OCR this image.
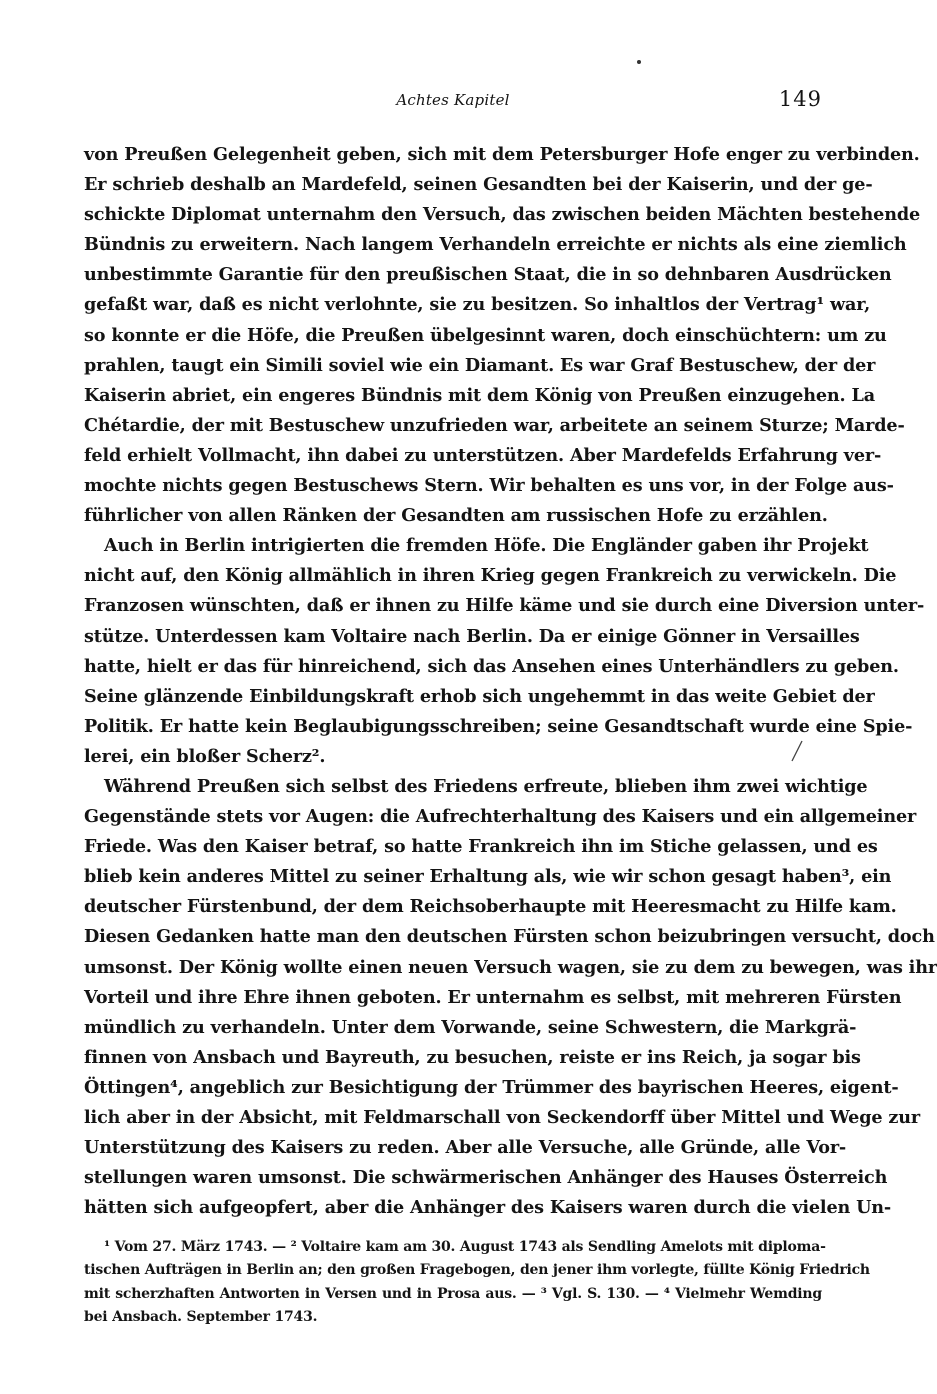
Achtes Kapitel	149
von Preußen Gelegenheit geben, sich mit dem Petersburger Hofe enger zu verbinden.
Er schrieb deshalb an Mardefeld, seinen Gesandten bei der Kaiserin, und der ge-
schickte Diplomat unternahm den Versuch, das zwischen beiden Mächten bestehende
Bündnis zu erweitern. Nach langem Verhandeln erreichte er nichts als eine ziemlich
unbestimmte Garantie für den preußischen Staat, die in so dehnbaren Ausdrücken
gefaßt war, daß es nicht verlohnte, sie zu besitzen. So inhaltlos der Vertrag¹ war,
so konnte er die Höfe, die Preußen übelgesinnt waren, doch einschüchtern: um zu
prahlen, taugt ein Simili soviel wie ein Diamant. Es war Graf Bestuschew, der der
Kaiserin abriet, ein engeres Bündnis mit dem König von Preußen einzugehen. La
Chétardie, der mit Bestuschew unzufrieden war, arbeitete an seinem Sturze; Marde-
feld erhielt Vollmacht, ihn dabei zu unterstützen. Aber Mardefelds Erfahrung ver-
mochte nichts gegen Bestuschews Stern. Wir behalten es uns vor, in der Folge aus-
führlicher von allen Ränken der Gesandten am russischen Hofe zu erzählen.
Auch in Berlin intrigierten die fremden Höfe. Die Engländer gaben ihr Projekt
nicht auf, den König allmählich in ihren Krieg gegen Frankreich zu verwickeln. Die
Franzosen wünschten, daß er ihnen zu Hilfe käme und sie durch eine Diversion unter-
stütze. Unterdessen kam Voltaire nach Berlin. Da er einige Gönner in Versailles
hatte, hielt er das für hinreichend, sich das Ansehen eines Unterhändlers zu geben.
Seine glänzende Einbildungskraft erhob sich ungehemmt in das weite Gebiet der
Politik. Er hatte kein Beglaubigungsschreiben; seine Gesandtschaft wurde eine Spie-
lerei, ein bloßer Scherz².
Während Preußen sich selbst des Friedens erfreute, blieben ihm zwei wichtige
Gegenstände stets vor Augen: die Aufrechterhaltung des Kaisers und ein allgemeiner
Friede. Was den Kaiser betraf, so hatte Frankreich ihn im Stiche gelassen, und es
blieb kein anderes Mittel zu seiner Erhaltung als, wie wir schon gesagt haben³, ein
deutscher Fürstenbund, der dem Reichsoberhaupte mit Heeresmacht zu Hilfe kam.
Diesen Gedanken hatte man den deutschen Fürsten schon beizubringen versucht, doch
umsonst. Der König wollte einen neuen Versuch wagen, sie zu dem zu bewegen, was ihr
Vorteil und ihre Ehre ihnen geboten. Er unternahm es selbst, mit mehreren Fürsten
mündlich zu verhandeln. Unter dem Vorwande, seine Schwestern, die Markgrä-
finnen von Ansbach und Bayreuth, zu besuchen, reiste er ins Reich, ja sogar bis
Öttingen⁴, angeblich zur Besichtigung der Trümmer des bayrischen Heeres, eigent-
lich aber in der Absicht, mit Feldmarschall von Seckendorff über Mittel und Wege zur
Unterstützung des Kaisers zu reden. Aber alle Versuche, alle Gründe, alle Vor-
stellungen waren umsonst. Die schwärmerischen Anhänger des Hauses Österreich
hätten sich aufgeopfert, aber die Anhänger des Kaisers waren durch die vielen Un-
¹ Vom 27. März 1743. — ² Voltaire kam am 30. August 1743 als Sendling Amelots mit diploma-
tischen Aufträgen in Berlin an; den großen Fragebogen, den jener ihm vorlegte, füllte König Friedrich
mit scherzhaften Antworten in Versen und in Prosa aus. — ³ Vgl. S. 130. — ⁴ Vielmehr Wemding
bei Ansbach. September 1743.
